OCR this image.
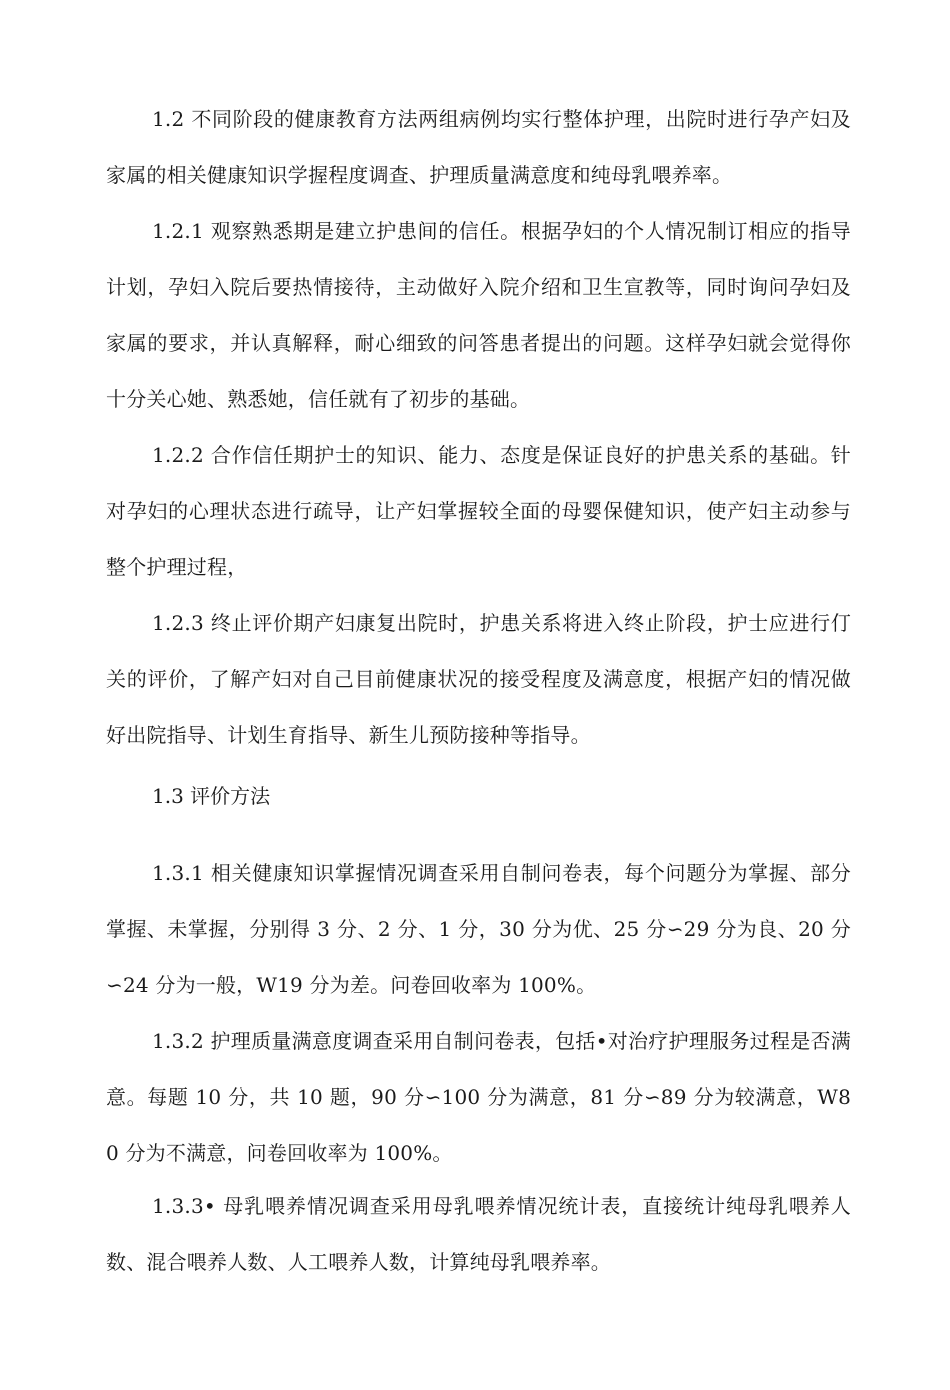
1.2 不同阶段的健康教育方法两组病例均实行整体护理，出院时进行孕产妇及家属的相关健康知识学握程度调查、护理质量满意度和纯母乳喂养率。

1.2.1 观察熟悉期是建立护患间的信任。根据孕妇的个人情况制订相应的指导计划，孕妇入院后要热情接待，主动做好入院介绍和卫生宣教等，同时询问孕妇及家属的要求，并认真解释，耐心细致的问答患者提出的问题。这样孕妇就会觉得你十分关心她、熟悉她，信任就有了初步的基础。

1.2.2 合作信任期护士的知识、能力、态度是保证良好的护患关系的基础。针对孕妇的心理状态进行疏导，让产妇掌握较全面的母婴保健知识，使产妇主动参与整个护理过程，

1.2.3 终止评价期产妇康复出院时，护患关系将进入终止阶段，护士应进行仃关的评价，了解产妇对自己目前健康状况的接受程度及满意度，根据产妇的情况做好出院指导、计划生育指导、新生儿预防接种等指导。

1.3 评价方法

1.3.1 相关健康知识掌握情况调查采用自制问卷表，每个问题分为掌握、部分掌握、未掌握，分别得 3 分、2 分、1 分，30 分为优、25 分∽29 分为良、20 分∽24 分为一般，W19 分为差。问卷回收率为 100%。

1.3.2 护理质量满意度调查采用自制问卷表，包括•对治疗护理服务过程是否满意。每题 10 分，共 10 题，90 分∽100 分为满意，81 分∽89 分为较满意，W80 分为不满意，问卷回收率为 100%。

1.3.3• 母乳喂养情况调查采用母乳喂养情况统计表，直接统计纯母乳喂养人数、混合喂养人数、人工喂养人数，计算纯母乳喂养率。
